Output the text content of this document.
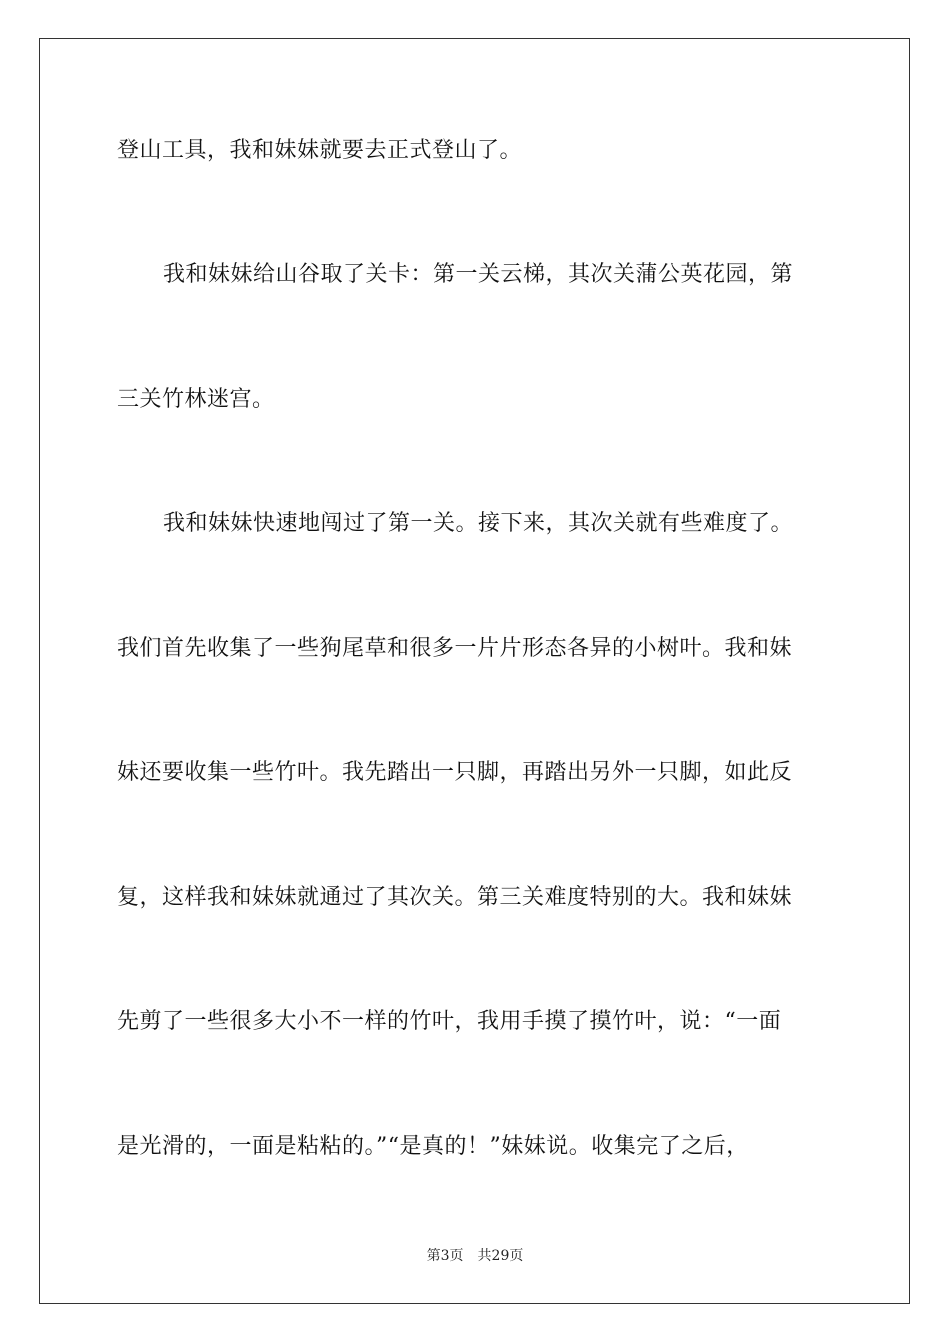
登山工具，我和妹妹就要去正式登山了。
我和妹妹给山谷取了关卡：第一关云梯，其次关蒲公英花园，第
三关竹林迷宫。
我和妹妹快速地闯过了第一关。接下来，其次关就有些难度了。
我们首先收集了一些狗尾草和很多一片片形态各异的小树叶。我和妹
妹还要收集一些竹叶。我先踏出一只脚，再踏出另外一只脚，如此反
复，这样我和妹妹就通过了其次关。第三关难度特别的大。我和妹妹
先剪了一些很多大小不一样的竹叶，我用手摸了摸竹叶，说：“一面
是光滑的，一面是粘粘的。”“是真的！”妹妹说。收集完了之后，
第3页 共29页
